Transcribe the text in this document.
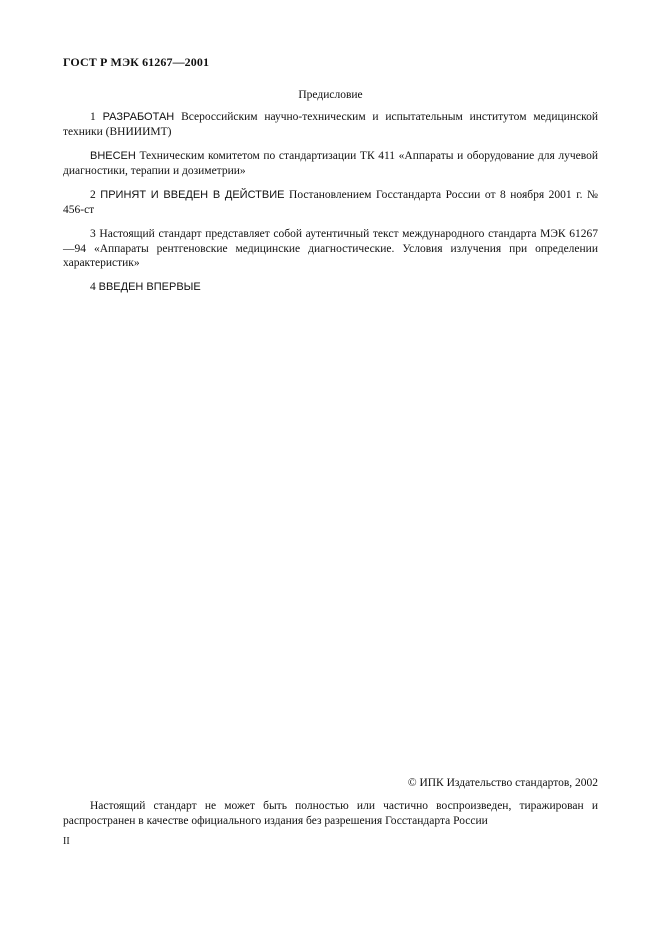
ГОСТ Р МЭК 61267—2001
Предисловие

1 РАЗРАБОТАН Всероссийским научно-техническим и испытательным институтом медицинской техники (ВНИИИМТ)

ВНЕСЕН Техническим комитетом по стандартизации ТК 411 «Аппараты и оборудование для лучевой диагностики, терапии и дозиметрии»

2 ПРИНЯТ И ВВЕДЕН В ДЕЙСТВИЕ Постановлением Госстандарта России от 8 ноября 2001 г. № 456-ст

3 Настоящий стандарт представляет собой аутентичный текст международного стандарта МЭК 61267—94 «Аппараты рентгеновские медицинские диагностические. Условия излучения при определении характеристик»

4 ВВЕДЕН ВПЕРВЫЕ

© ИПК Издательство стандартов, 2002

Настоящий стандарт не может быть полностью или частично воспроизведен, тиражирован и распространен в качестве официального издания без разрешения Госстандарта России

II
